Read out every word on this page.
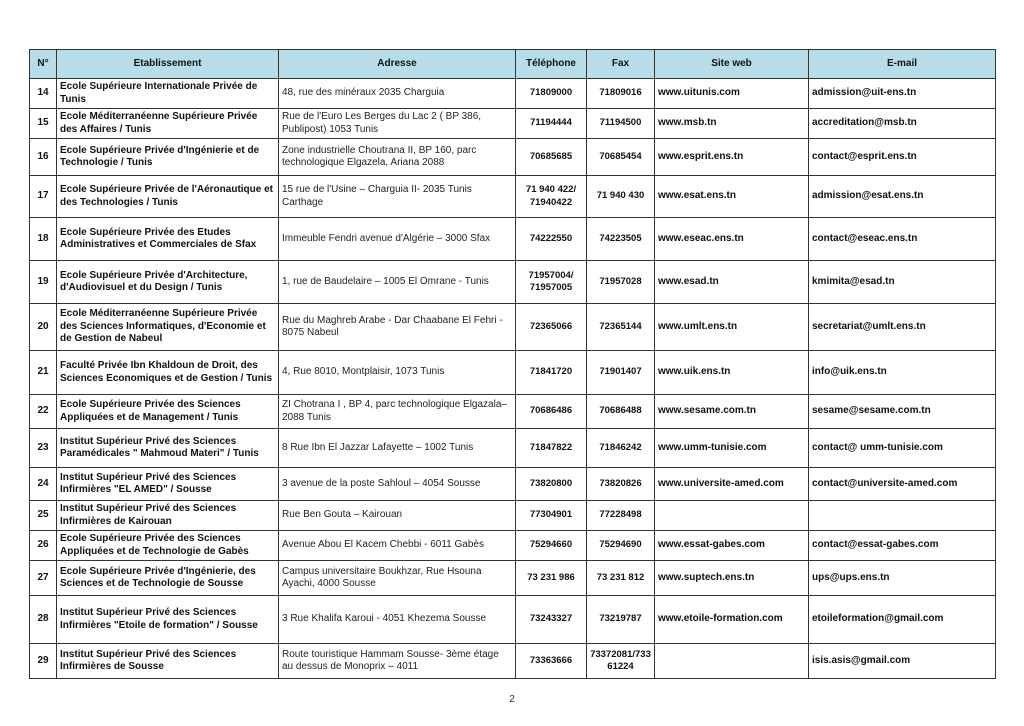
N°	Etablissement	Adresse	Téléphone	Fax	Site web	E-mail
14	Ecole Supérieure Internationale Privée de Tunis	48, rue des minéraux 2035 Charguia	71809000	71809016	www.uitunis.com	admission@uit-ens.tn
15	Ecole Méditerranéenne Supérieure Privée des Affaires / Tunis	Rue de l'Euro Les Berges du Lac 2 ( BP 386, Publipost) 1053 Tunis	71194444	71194500	www.msb.tn	accreditation@msb.tn
16	Ecole Supérieure Privée d'Ingénierie et de Technologie / Tunis	Zone industrielle Choutrana II, BP 160, parc technologique Elgazela, Ariana 2088	70685685	70685454	www.esprit.ens.tn	contact@esprit.ens.tn
17	Ecole Supérieure Privée de l'Aéronautique et des Technologies / Tunis	15 rue de l'Usine – Charguia II- 2035 Tunis Carthage	71 940 422/ 71940422	71 940 430	www.esat.ens.tn	admission@esat.ens.tn
18	Ecole Supérieure Privée des Etudes Administratives et Commerciales de Sfax	Immeuble Fendri avenue d'Algérie – 3000 Sfax	74222550	74223505	www.eseac.ens.tn	contact@eseac.ens.tn
19	Ecole Supérieure Privée d'Architecture, d'Audiovisuel et du Design / Tunis	1, rue de Baudelaire – 1005 El Omrane - Tunis	71957004/ 71957005	71957028	www.esad.tn	kmimita@esad.tn
20	Ecole Méditerranéenne Supérieure Privée des Sciences Informatiques, d'Economie et de Gestion de Nabeul	Rue du Maghreb Arabe - Dar Chaabane El Fehri - 8075 Nabeul	72365066	72365144	www.umlt.ens.tn	secretariat@umlt.ens.tn
21	Faculté Privée Ibn Khaldoun de Droit, des Sciences Economiques et de Gestion / Tunis	4, Rue 8010, Montplaisir, 1073 Tunis	71841720	71901407	www.uik.ens.tn	info@uik.ens.tn
22	Ecole Supérieure Privée des Sciences Appliquées et de Management / Tunis	ZI Chotrana I , BP 4, parc technologique Elgazala– 2088 Tunis	70686486	70686488	www.sesame.com.tn	sesame@sesame.com.tn
23	Institut Supérieur Privé des Sciences Paramédicales " Mahmoud Materi" / Tunis	8 Rue Ibn El Jazzar Lafayette – 1002 Tunis	71847822	71846242	www.umm-tunisie.com	contact@ umm-tunisie.com
24	Institut Supérieur Privé des Sciences Infirmières "EL AMED" / Sousse	3 avenue de la poste Sahloul – 4054 Sousse	73820800	73820826	www.universite-amed.com	contact@universite-amed.com
25	Institut Supérieur Privé des Sciences Infirmières de Kairouan	Rue Ben Gouta – Kairouan	77304901	77228498		
26	Ecole Supérieure Privée des Sciences Appliquées et de Technologie de Gabès	Avenue Abou El Kacem Chebbi - 6011 Gabès	75294660	75294690	www.essat-gabes.com	contact@essat-gabes.com
27	Ecole Supérieure Privée d'Ingénierie, des Sciences et de Technologie de Sousse	Campus universitaire Boukhzar, Rue Hsouna Ayachi, 4000 Sousse	73 231 986	73 231 812	www.suptech.ens.tn	ups@ups.ens.tn
28	Institut Supérieur Privé des Sciences Infirmières "Etoile de formation" / Sousse	3 Rue Khalifa Karoui - 4051 Khezema Sousse	73243327	73219787	www.etoile-formation.com	etoileformation@gmail.com
29	Institut Supérieur Privé des Sciences Infirmières de Sousse	Route touristique Hammam Sousse- 3ème étage au dessus de Monoprix – 4011	73363666	73372081/733 61224		isis.asis@gmail.com
2
